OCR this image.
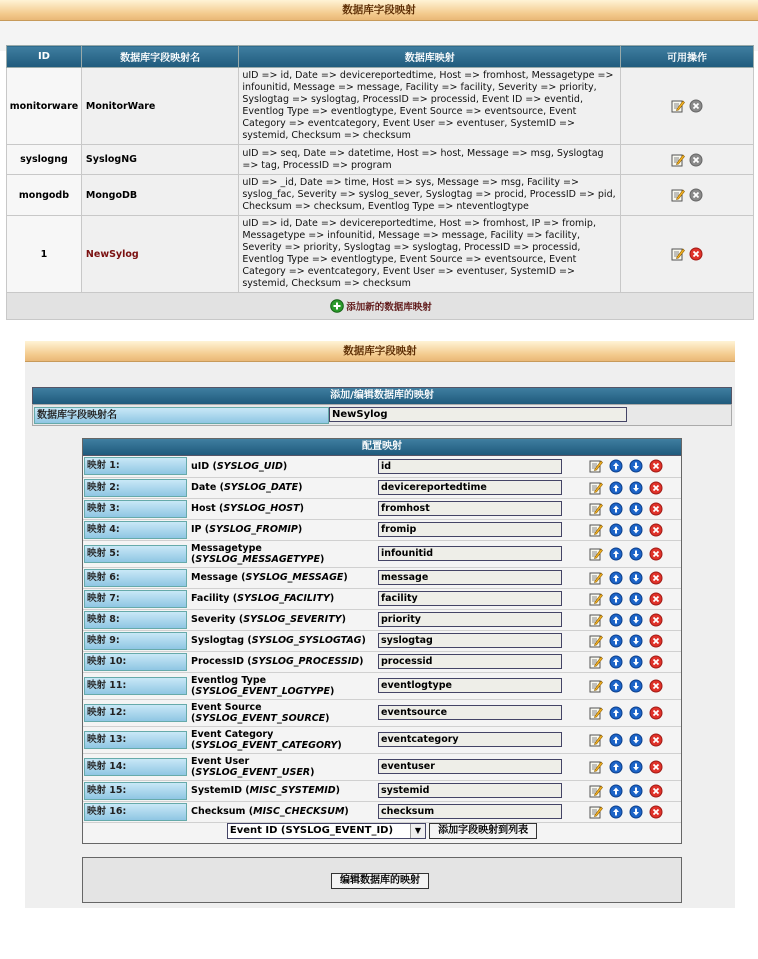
数据库字段映射
ID	数据库字段映射名	数据库映射	可用操作
monitorware	MonitorWare	uID => id, Date => devicereportedtime, Host => fromhost, Messagetype => infounitid, Message => message, Facility => facility, Severity => priority, Syslogtag => syslogtag, ProcessID => processid, Event ID => eventid, Eventlog Type => eventlogtype, Event Source => eventsource, Event Category => eventcategory, Event User => eventuser, SystemID => systemid, Checksum => checksum	
syslogng	SyslogNG	uID => seq, Date => datetime, Host => host, Message => msg, Syslogtag => tag, ProcessID => program	
mongodb	MongoDB	uID => _id, Date => time, Host => sys, Message => msg, Facility => syslog_fac, Severity => syslog_sever, Syslogtag => procid, ProcessID => pid, Checksum => checksum, Eventlog Type => nteventlogtype	
1	NewSylog	uID => id, Date => devicereportedtime, Host => fromhost, IP => fromip, Messagetype => infounitid, Message => message, Facility => facility, Severity => priority, Syslogtag => syslogtag, ProcessID => processid, Eventlog Type => eventlogtype, Event Source => eventsource, Event Category => eventcategory, Event User => eventuser, SystemID => systemid, Checksum => checksum	
添加新的数据库映射			
数据库字段映射
添加/编辑数据库的映射
数据库字段映射名	NewSylog
配置映射
映射 1:	uID (SYSLOG_UID)	id

映射 2:	Date (SYSLOG_DATE)	devicereportedtime

映射 3:	Host (SYSLOG_HOST)	fromhost

映射 4:	IP (SYSLOG_FROMIP)	fromip

映射 5:	Messagetype
(SYSLOG_MESSAGETYPE)	infounitid

映射 6:	Message (SYSLOG_MESSAGE)	message

映射 7:	Facility (SYSLOG_FACILITY)	facility

映射 8:	Severity (SYSLOG_SEVERITY)	priority

映射 9:	Syslogtag (SYSLOG_SYSLOGTAG)	syslogtag

映射 10:	ProcessID (SYSLOG_PROCESSID)	processid

映射 11:	Eventlog Type
(SYSLOG_EVENT_LOGTYPE)	eventlogtype

映射 12:	Event Source
(SYSLOG_EVENT_SOURCE)	eventsource

映射 13:	Event Category
(SYSLOG_EVENT_CATEGORY)	eventcategory

映射 14:	Event User
(SYSLOG_EVENT_USER)	eventuser

映射 15:	SystemID (MISC_SYSTEMID)	systemid

映射 16:	Checksum (MISC_CHECKSUM)	checksum

Event ID (SYSLOG_EVENT_ID)	▼	添加字段映射到列表
编辑数据库的映射
